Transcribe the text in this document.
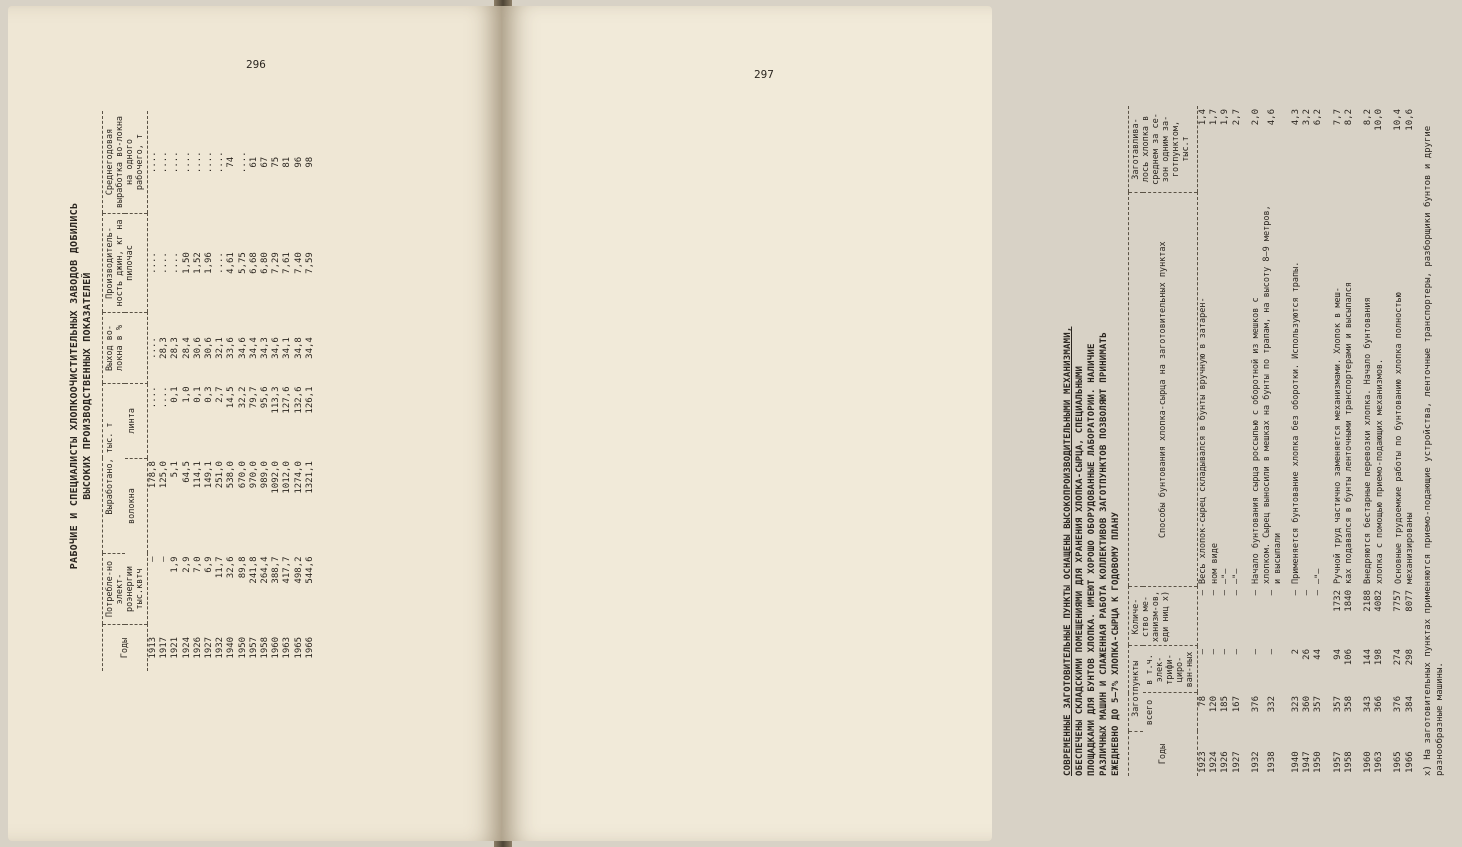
296
РАБОЧИЕ И СПЕЦИАЛИСТЫ ХЛОПКООЧИСТИТЕЛЬНЫХ ЗАВОДОВ ДОБИЛИСЬ ВЫСОКИХ ПРОИЗВОДСТВЕННЫХ ПОКАЗАТЕЛЕЙ
Годы	Потребле-но элект-роэнергии тыс.квтч	Выработано, тыс. т		Выход во-локна в %	Производитель-ность джин, кг на пилочас	Среднегодовая выработка во-локна на одного рабочего, т
		волокна	линта			
1913	–	178,8	....	....	....	....
1917	–	125,0	....	28,3	....	....
1921	1,9	5,1	0,1	28,3	....	....
1924	2,9	64,5	1,0	28,4	1,50	....
1926	7,0	114,1	0,1	30,6	1,52	....
1927	6,9	149,1	0,3	30,6	1,96	....
1932	11,7	251,0	2,7	32,1	....	....
1940	32,6	538,0	14,5	33,6	4,61	74
1950	89,8	670,0	32,2	34,6	5,75	....
1957	241,8	970,0	79,7	34,4	6,68	61
1958	264,4	989,0	95,6	34,3	6,80	67
1960	388,7	1092,0	113,3	34,6	7,29	75
1963	417,7	1012,0	127,6	34,1	7,61	81
1965	498,2	1274,0	132,6	34,8	7,40	96
1966	544,6	1321,1	126,1	34,4	7,59	98
297
СОВРЕМЕННЫЕ ЗАГОТОВИТЕЛЬНЫЕ ПУНКТЫ ОСНАЩЕНЫ ВЫСОКОПРОИЗВОДИТЕЛЬНЫМИ МЕХАНИЗМАМИ, ОБЕСПЕЧЕНЫ СКЛАДСКИМИ ПОМЕЩЕНИЯМИ ДЛЯ ХРАНЕНИЯ ХЛОПКА-СЫРЦА, СПЕЦИАЛЬНЫМИ ПЛОЩАДКАМИ ДЛЯ БУНТОВ ХЛОПКА. ИМЕЮТ ХОРОШО ОБОРУДОВАННЫЕ ЛАБОРАТОРИИ. НАЛИЧИЕ РАЗЛИЧНЫХ МАШИН И СЛАЖЕННАЯ РАБОТА КОЛЛЕКТИВОВ ЗАГОТПУНКТОВ ПОЗВОЛЯЮТ ПРИНИМАТЬ ЕЖЕДНЕВНО ДО 5–7% ХЛОПКА-СЫРЦА К ГОДОВОМУ ПЛАНУ	Годы	Заготпункты		Количе-ство ме-ханизм-ов, еди ниц x)	Способы бунтования хлопка-сырца на заготовительных пунктах	Заготавлива-лось хлопка в среднем за се-зон одним за-готпунктом, тыс.т
	всего	в т.ч. элек-трифи-циро-ван-ных			
1923	78	–	–	Весь хлопок-сырец складывался в бунты вручную в затарен-	1,4
1924	120	–	–	ном виде	1,7
1926	185	–	–	–"–	1,9
1927	167	–	–	–"–	2,7

1932	376	–	–	Начало бунтования сырца россыпью с оборотной из мешков с	2,0
1938	332	–	–	хлопком. Сырец выносили в мешках на бунты по трапам, на высоту 8–9 метров, и высыпали	4,6

1940	323	2	–	Применяется бунтование хлопка без оборотки. Используются трапы.	4,3
1947	360	26	–		3,2
1950	357	44	–	–"–	6,2

1957	357	94	1732	Ручной труд частично заменяется механизмами. Хлопок в меш-	7,7
1958	358	106	1840	ках подавался в бунты ленточными транспортерами и высыпался	8,2

1960	343	144	2188	Внедряются бестарные перевозки хлопка. Начало бунтования	8,2
1963	366	198	4082	хлопка с помощью приемо-подающих механизмов.	10,0

1965	376	274	7757	Основные трудоемкие работы по бунтованию хлопка полностью	10,4
1966	384	298	8077	механизированы	10,6
x) На заготовительных пунктах применяются приемо-подающие устройства, ленточные транспортеры, разборщики бунтов и другие разнообразные машины.
